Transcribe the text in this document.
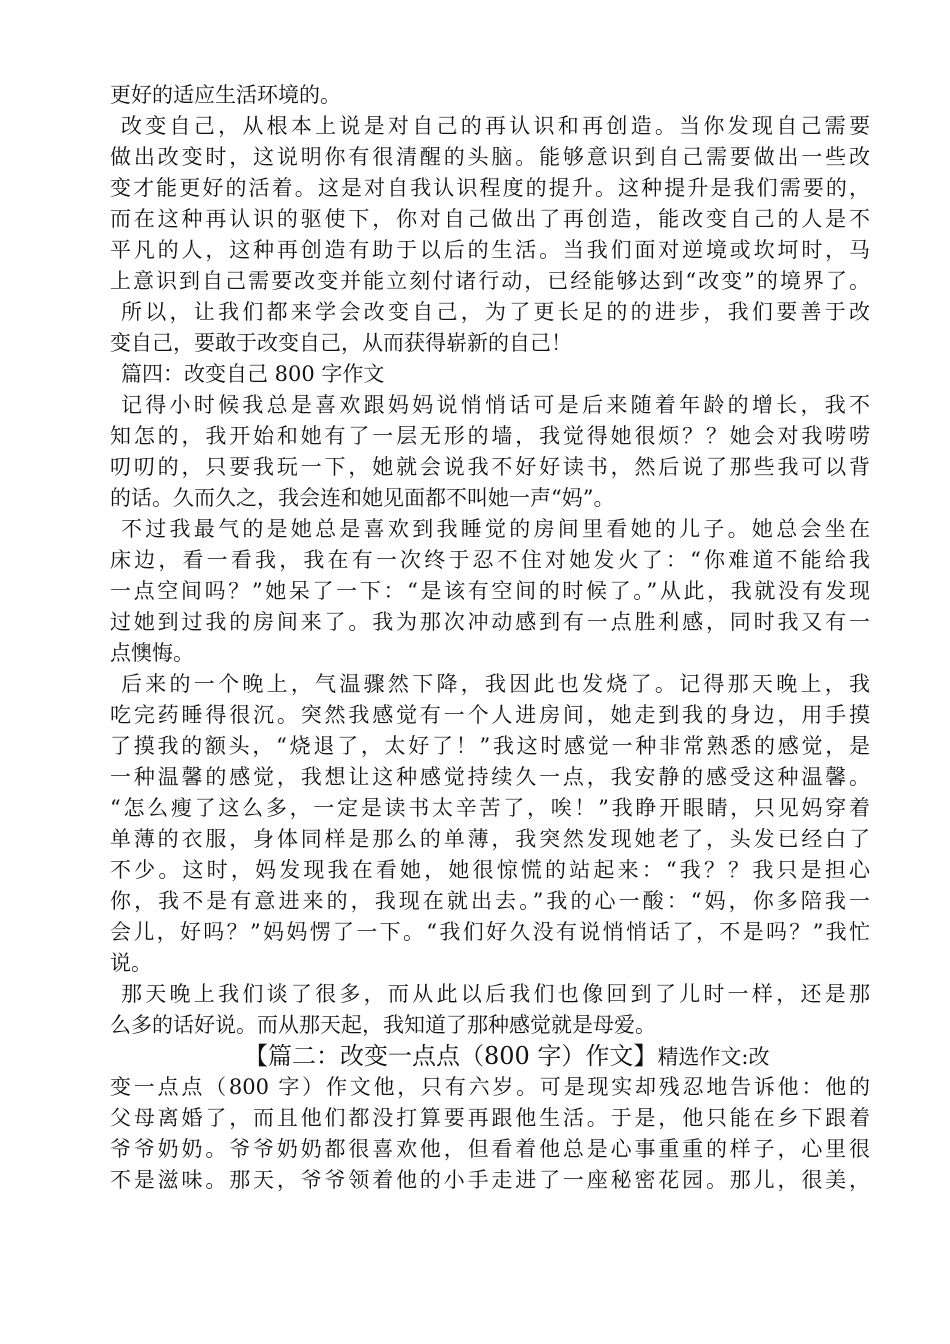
更好的适应生活环境的。
改变自己，从根本上说是对自己的再认识和再创造。当你发现自己需要
做出改变时，这说明你有很清醒的头脑。能够意识到自己需要做出一些改
变才能更好的活着。这是对自我认识程度的提升。这种提升是我们需要的，
而在这种再认识的驱使下，你对自己做出了再创造，能改变自己的人是不
平凡的人，这种再创造有助于以后的生活。当我们面对逆境或坎坷时，马
上意识到自己需要改变并能立刻付诸行动，已经能够达到“改变”的境界了。
所以，让我们都来学会改变自己，为了更长足的的进步，我们要善于改
变自己，要敢于改变自己，从而获得崭新的自己！
篇四：改变自己 800 字作文
记得小时候我总是喜欢跟妈妈说悄悄话可是后来随着年龄的增长，我不
知怎的，我开始和她有了一层无形的墙，我觉得她很烦？？她会对我唠唠
叨叨的，只要我玩一下，她就会说我不好好读书，然后说了那些我可以背
的话。久而久之，我会连和她见面都不叫她一声“妈”。
不过我最气的是她总是喜欢到我睡觉的房间里看她的儿子。她总会坐在
床边，看一看我，我在有一次终于忍不住对她发火了：“你难道不能给我
一点空间吗？”她呆了一下：“是该有空间的时候了。”从此，我就没有发现
过她到过我的房间来了。我为那次冲动感到有一点胜利感，同时我又有一
点懊悔。
后来的一个晚上，气温骤然下降，我因此也发烧了。记得那天晚上，我
吃完药睡得很沉。突然我感觉有一个人进房间，她走到我的身边，用手摸
了摸我的额头，“烧退了，太好了！”我这时感觉一种非常熟悉的感觉，是
一种温馨的感觉，我想让这种感觉持续久一点，我安静的感受这种温馨。
“怎么瘦了这么多，一定是读书太辛苦了，唉！”我睁开眼睛，只见妈穿着
单薄的衣服，身体同样是那么的单薄，我突然发现她老了，头发已经白了
不少。这时，妈发现我在看她，她很惊慌的站起来：“我？？我只是担心
你，我不是有意进来的，我现在就出去。”我的心一酸：“妈，你多陪我一
会儿，好吗？”妈妈愣了一下。“我们好久没有说悄悄话了，不是吗？”我忙
说。
那天晚上我们谈了很多，而从此以后我们也像回到了儿时一样，还是那
么多的话好说。而从那天起，我知道了那种感觉就是母爱。
【篇二：改变一点点（800 字）作文】精选作文:改
变一点点（800 字）作文他，只有六岁。可是现实却残忍地告诉他：他的
父母离婚了，而且他们都没打算要再跟他生活。于是，他只能在乡下跟着
爷爷奶奶。爷爷奶奶都很喜欢他，但看着他总是心事重重的样子，心里很
不是滋味。那天，爷爷领着他的小手走进了一座秘密花园。那儿，很美，
